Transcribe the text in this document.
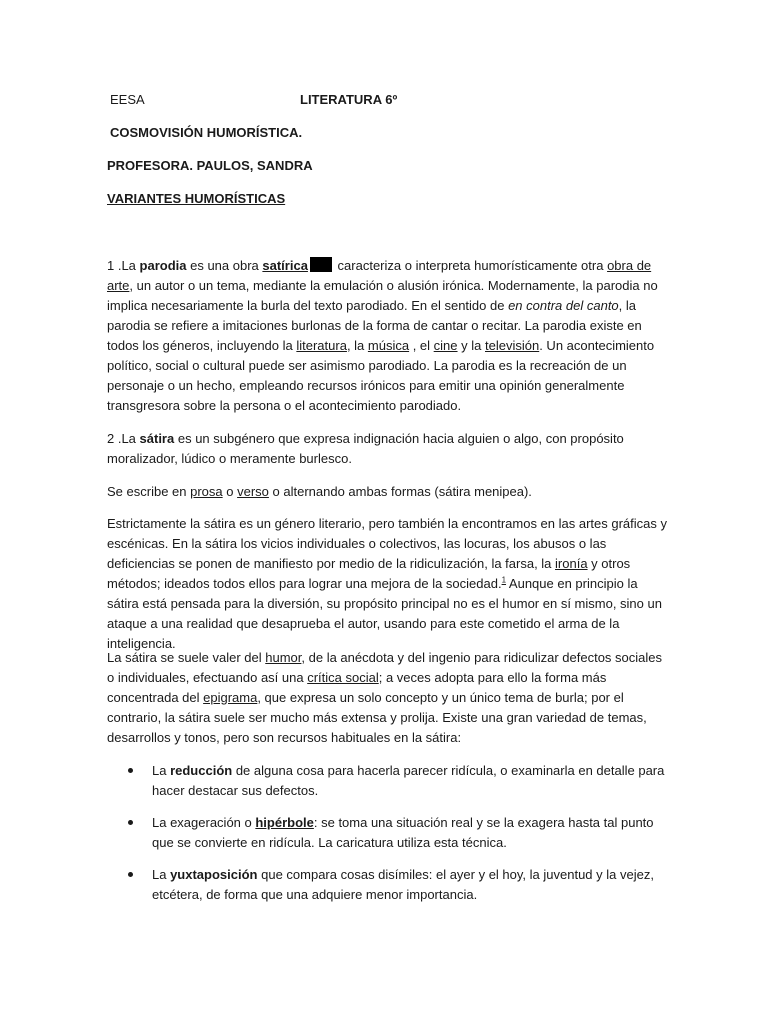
EESA	LITERATURA 6º
COSMOVISIÓN HUMORÍSTICA.
PROFESORA. PAULOS, SANDRA
VARIANTES HUMORÍSTICAS

1 .La parodia es una obra satírica caracteriza o interpreta humorísticamente otra obra de arte, un autor o un tema, mediante la emulación o alusión irónica. Modernamente, la parodia no implica necesariamente la burla del texto parodiado. En el sentido de en contra del canto, la parodia se refiere a imitaciones burlonas de la forma de cantar o recitar. La parodia existe en todos los géneros, incluyendo la literatura, la música , el cine y la televisión. Un acontecimiento político, social o cultural puede ser asimismo parodiado. La parodia es la recreación de un personaje o un hecho, empleando recursos irónicos para emitir una opinión generalmente transgresora sobre la persona o el acontecimiento parodiado.

2 .La sátira es un subgénero que expresa indignación hacia alguien o algo, con propósito moralizador, lúdico o meramente burlesco.

Se escribe en prosa o verso o alternando ambas formas (sátira menipea).

Estrictamente la sátira es un género literario, pero también la encontramos en las artes gráficas y escénicas. En la sátira los vicios individuales o colectivos, las locuras, los abusos o las deficiencias se ponen de manifiesto por medio de la ridiculización, la farsa, la ironía y otros métodos; ideados todos ellos para lograr una mejora de la sociedad.$^1$ Aunque en principio la sátira está pensada para la diversión, su propósito principal no es el humor en sí mismo, sino un ataque a una realidad que desaprueba el autor, usando para este cometido el arma de la inteligencia.

La sátira se suele valer del humor, de la anécdota y del ingenio para ridiculizar defectos sociales o individuales, efectuando así una crítica social; a veces adopta para ello la forma más concentrada del epigrama, que expresa un solo concepto y un único tema de burla; por el contrario, la sátira suele ser mucho más extensa y prolija. Existe una gran variedad de temas, desarrollos y tonos, pero son recursos habituales en la sátira:

La reducción de alguna cosa para hacerla parecer ridícula, o examinarla en detalle para hacer destacar sus defectos.
La exageración o hipérbole: se toma una situación real y se la exagera hasta tal punto que se convierte en ridícula. La caricatura utiliza esta técnica.
La yuxtaposición que compara cosas disímiles: el ayer y el hoy, la juventud y la vejez, etcétera, de forma que una adquiere menor importancia.
